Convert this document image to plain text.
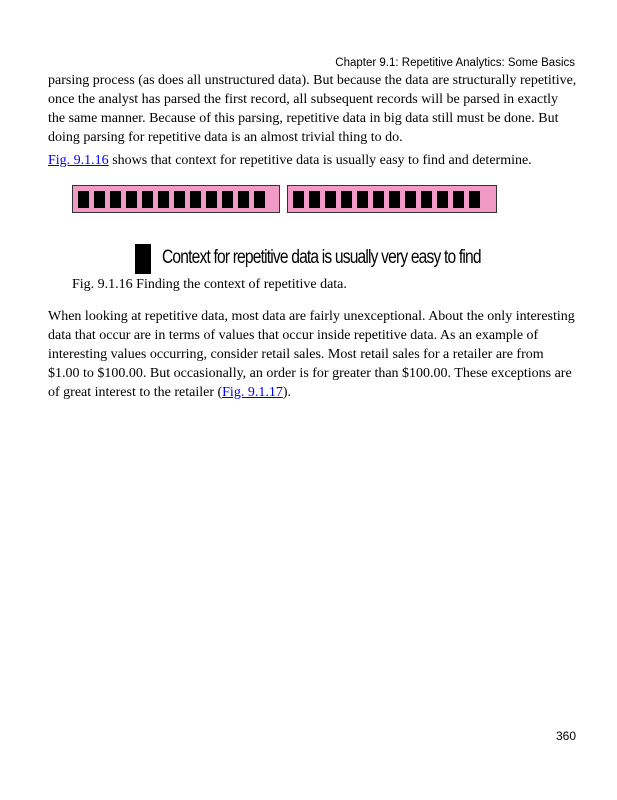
Chapter 9.1: Repetitive Analytics: Some Basics

parsing process (as does all unstructured data). But because the data are structurally repetitive, once the analyst has parsed the first record, all subsequent records will be parsed in exactly the same manner. Because of this parsing, repetitive data in big data still must be done. But doing parsing for repetitive data is an almost trivial thing to do.

Fig. 9.1.16 shows that context for repetitive data is usually easy to find and determine.

Context for repetitive data is usually very easy to find
Fig. 9.1.16 Finding the context of repetitive data.

When looking at repetitive data, most data are fairly unexceptional. About the only interesting data that occur are in terms of values that occur inside repetitive data. As an example of interesting values occurring, consider retail sales. Most retail sales for a retailer are from $1.00 to $100.00. But occasionally, an order is for greater than $100.00. These exceptions are of great interest to the retailer (Fig. 9.1.17).

360
